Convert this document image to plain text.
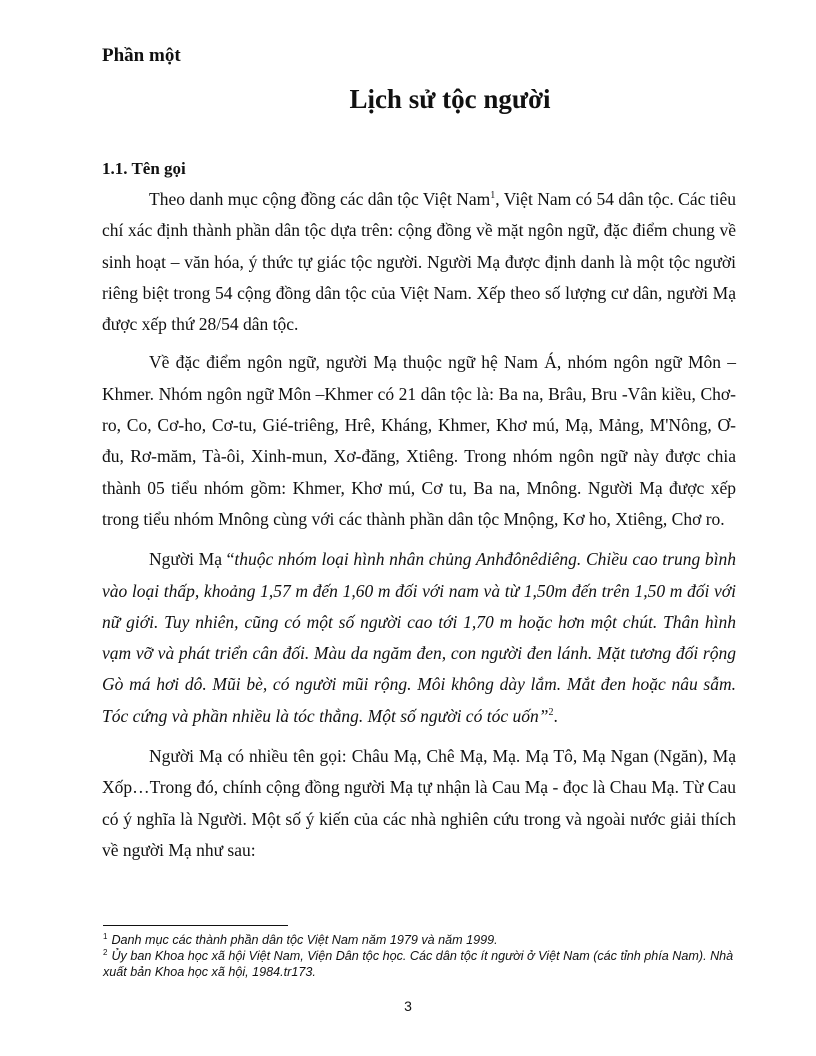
Phần một
Lịch sử tộc người
1.1. Tên gọi

Theo danh mục cộng đồng các dân tộc Việt Nam$^1$, Việt Nam có 54 dân tộc. Các tiêu chí xác định thành phần dân tộc dựa trên: cộng đồng về mặt ngôn ngữ, đặc điểm chung về sinh hoạt – văn hóa, ý thức tự giác tộc người. Người Mạ được định danh là một tộc người riêng biệt trong 54 cộng đồng dân tộc của Việt Nam. Xếp theo số lượng cư dân, người Mạ được xếp thứ 28/54 dân tộc.

Về đặc điểm ngôn ngữ, người Mạ thuộc ngữ hệ Nam Á, nhóm ngôn ngữ Môn – Khmer. Nhóm ngôn ngữ Môn –Khmer có 21 dân tộc là: Ba na, Brâu, Bru -Vân kiều, Chơ-ro, Co, Cơ-ho, Cơ-tu, Gié-triêng, Hrê, Kháng, Khmer, Khơ mú, Mạ, Mảng, M'Nông, Ơ-đu, Rơ-măm, Tà-ôi, Xinh-mun, Xơ-đăng, Xtiêng. Trong nhóm ngôn ngữ này được chia thành 05 tiểu nhóm gồm: Khmer, Khơ mú, Cơ tu, Ba na, Mnông. Người Mạ được xếp trong tiểu nhóm Mnông cùng với các thành phần dân tộc Mnộng, Kơ ho, Xtiêng, Chơ ro.

Người Mạ “thuộc nhóm loại hình nhân chủng Anhđônêdiêng. Chiều cao trung bình vào loại thấp, khoảng 1,57 m đến 1,60 m đối với nam và từ 1,50m đến trên 1,50 m đối với nữ giới. Tuy nhiên, cũng có một số người cao tới 1,70 m hoặc hơn một chút. Thân hình vạm vỡ và phát triển cân đối. Màu da ngăm đen, con người đen lánh. Mặt tương đối rộng Gò má hơi dô. Mũi bè, có người mũi rộng. Môi không dày lắm. Mắt đen hoặc nâu sẫm. Tóc cứng và phần nhiều là tóc thẳng. Một số người có tóc uốn”$^2$.

Người Mạ có nhiều tên gọi: Châu Mạ, Chê Mạ, Mạ. Mạ Tô, Mạ Ngan (Ngăn), Mạ Xốp…Trong đó, chính cộng đồng người Mạ tự nhận là Cau Mạ - đọc là Chau Mạ. Từ Cau có ý nghĩa là Người. Một số ý kiến của các nhà nghiên cứu trong và ngoài nước giải thích về người Mạ như sau:

$^1$ Danh mục các thành phần dân tộc Việt Nam năm 1979 và năm 1999.

$^2$ Ủy ban Khoa học xã hội Việt Nam, Viện Dân tộc học. Các dân tộc ít người ở Việt Nam (các tỉnh phía Nam). Nhà xuất bản Khoa học xã hội, 1984.tr173.

3
